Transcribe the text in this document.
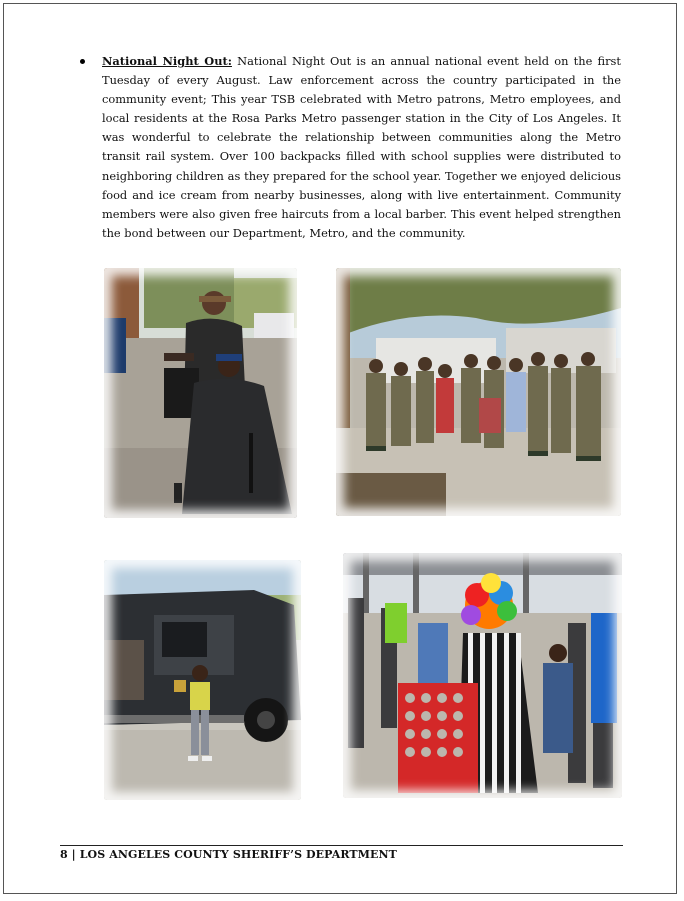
National Night Out: National Night Out is an annual national event held on the first Tuesday of every August. Law enforcement across the country participated in the community event; This year TSB celebrated with Metro patrons, Metro employees, and local residents at the Rosa Parks Metro passenger station in the City of Los Angeles. It was wonderful to celebrate the relationship between communities along the Metro transit rail system. Over 100 backpacks filled with school supplies were distributed to neighboring children as they prepared for the school year. Together we enjoyed delicious food and ice cream from nearby businesses, along with live entertainment. Community members were also given free haircuts from a local barber. This event helped strengthen the bond between our Department, Metro, and the community.

8 | LOS ANGELES COUNTY SHERIFF’S DEPARTMENT
